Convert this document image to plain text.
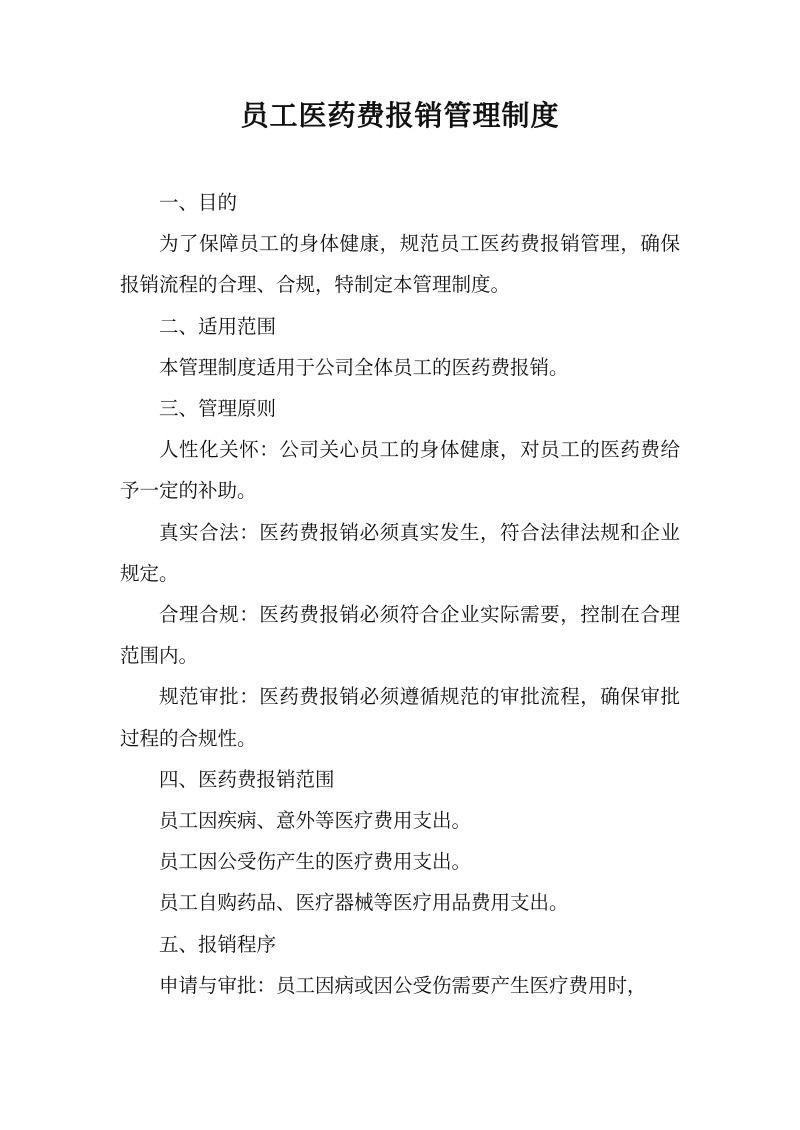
员工医药费报销管理制度

一、目的

为了保障员工的身体健康，规范员工医药费报销管理，确保报销流程的合理、合规，特制定本管理制度。

二、适用范围

本管理制度适用于公司全体员工的医药费报销。

三、管理原则

人性化关怀：公司关心员工的身体健康，对员工的医药费给予一定的补助。

真实合法：医药费报销必须真实发生，符合法律法规和企业规定。

合理合规：医药费报销必须符合企业实际需要，控制在合理范围内。

规范审批：医药费报销必须遵循规范的审批流程，确保审批过程的合规性。

四、医药费报销范围

员工因疾病、意外等医疗费用支出。

员工因公受伤产生的医疗费用支出。

员工自购药品、医疗器械等医疗用品费用支出。

五、报销程序

申请与审批：员工因病或因公受伤需要产生医疗费用时，
